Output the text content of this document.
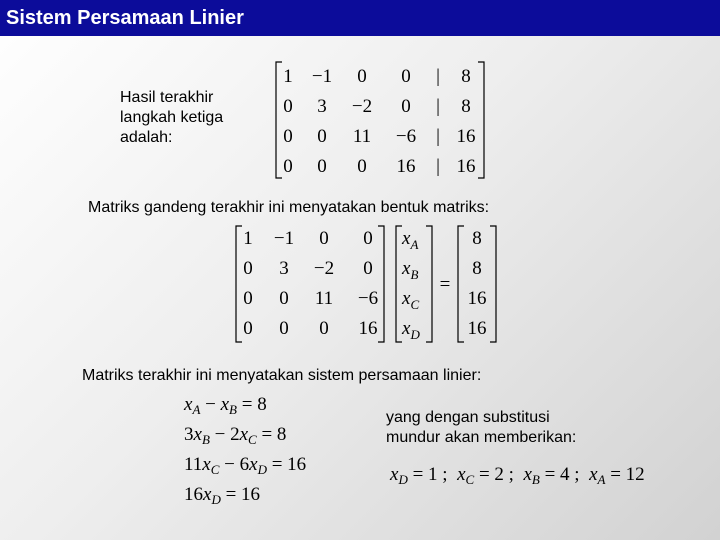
Sistem Persamaan Linier
Hasil terakhir
langkah ketiga
adalah:
1 −1 0 0 | 8
0 3 −2 0 | 8
0 0 11 −6 | 16
0 0 0 16 | 16
Matriks gandeng terakhir ini menyatakan bentuk matriks:
1 −1 0 0
0 3 −2 0
0 0 11 −6
0 0 0 16
$x_A$
$x_B$
$x_C$
$x_D$
=
8
8
16
16
Matriks terakhir ini menyatakan sistem persamaan linier:
$x_A - x_B = 8$
$3x_B - 2x_C = 8$
$11x_C - 6x_D = 16$
$16x_D = 16$
yang dengan substitusi
mundur akan memberikan:
$x_D = 1$ ;  $x_C = 2$ ;  $x_B = 4$ ;  $x_A = 12$
